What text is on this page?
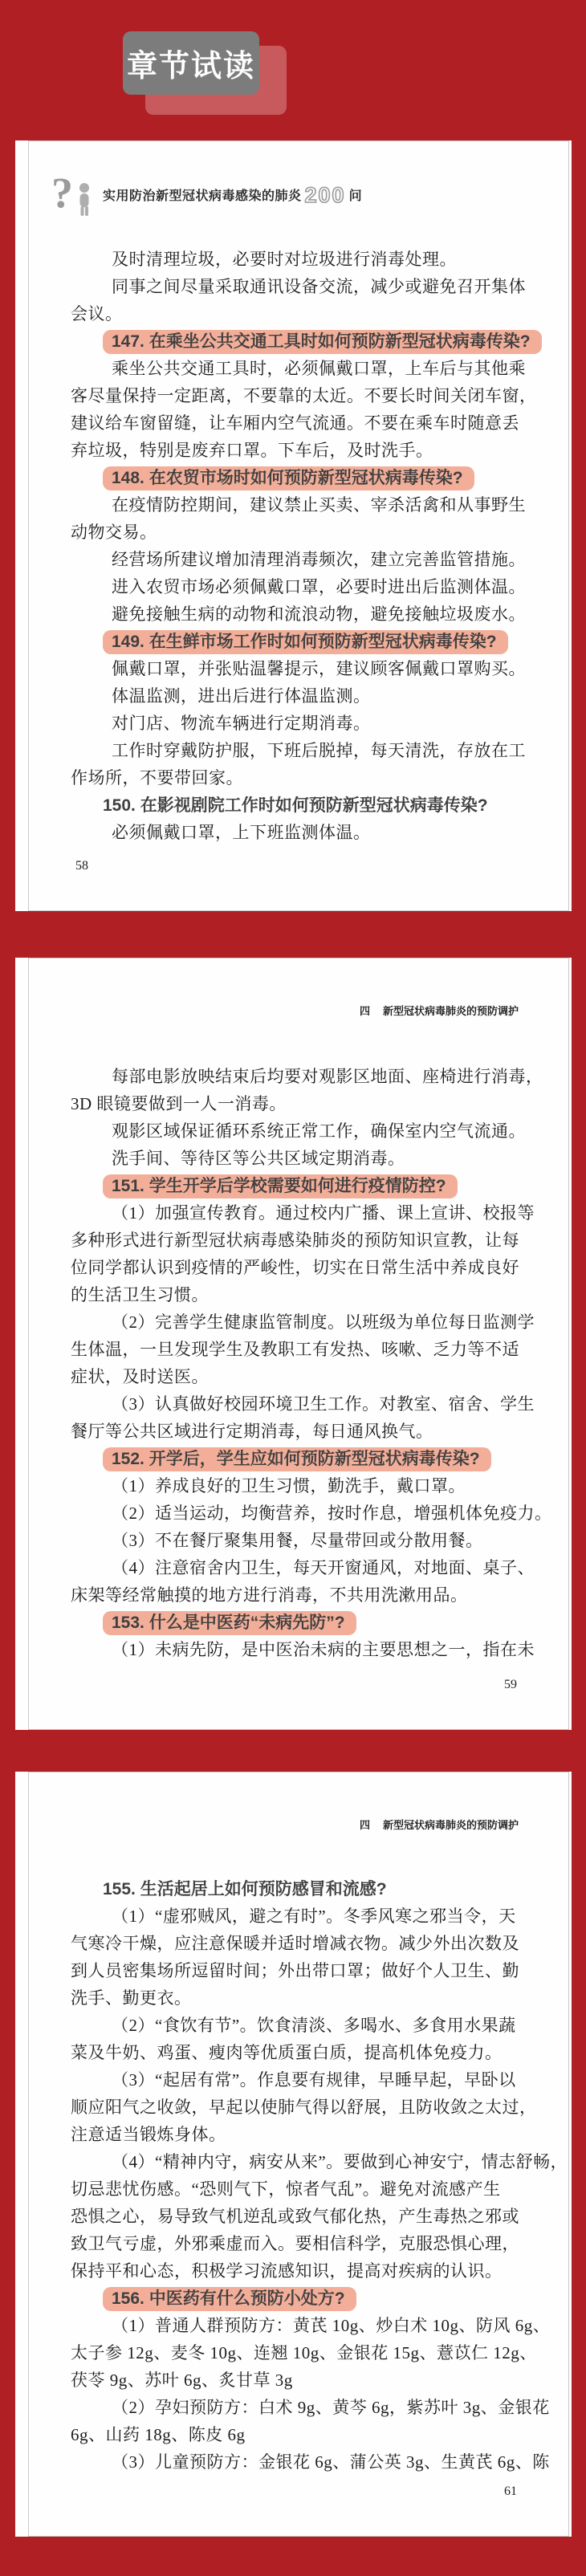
章节试读
? 实用防治新型冠状病毒感染的肺炎 200 问
及时清理垃圾，必要时对垃圾进行消毒处理。
同事之间尽量采取通讯设备交流，减少或避免召开集体
会议。
147. 在乘坐公共交通工具时如何预防新型冠状病毒传染?
乘坐公共交通工具时，必须佩戴口罩，上车后与其他乘
客尽量保持一定距离，不要靠的太近。不要长时间关闭车窗，
建议给车窗留缝，让车厢内空气流通。不要在乘车时随意丢
弃垃圾，特别是废弃口罩。下车后，及时洗手。
148. 在农贸市场时如何预防新型冠状病毒传染?
在疫情防控期间，建议禁止买卖、宰杀活禽和从事野生
动物交易。
经营场所建议增加清理消毒频次，建立完善监管措施。
进入农贸市场必须佩戴口罩，必要时进出后监测体温。
避免接触生病的动物和流浪动物，避免接触垃圾废水。
149. 在生鲜市场工作时如何预防新型冠状病毒传染?
佩戴口罩，并张贴温馨提示，建议顾客佩戴口罩购买。
体温监测，进出后进行体温监测。
对门店、物流车辆进行定期消毒。
工作时穿戴防护服，下班后脱掉，每天清洗，存放在工
作场所，不要带回家。
150. 在影视剧院工作时如何预防新型冠状病毒传染?
必须佩戴口罩，上下班监测体温。
58
四 新型冠状病毒肺炎的预防调护
每部电影放映结束后均要对观影区地面、座椅进行消毒，
3D 眼镜要做到一人一消毒。
观影区域保证循环系统正常工作，确保室内空气流通。
洗手间、等待区等公共区域定期消毒。
151. 学生开学后学校需要如何进行疫情防控?
（1）加强宣传教育。通过校内广播、课上宣讲、校报等
多种形式进行新型冠状病毒感染肺炎的预防知识宣教，让每
位同学都认识到疫情的严峻性，切实在日常生活中养成良好
的生活卫生习惯。
（2）完善学生健康监管制度。以班级为单位每日监测学
生体温，一旦发现学生及教职工有发热、咳嗽、乏力等不适
症状，及时送医。
（3）认真做好校园环境卫生工作。对教室、宿舍、学生
餐厅等公共区域进行定期消毒，每日通风换气。
152. 开学后，学生应如何预防新型冠状病毒传染?
（1）养成良好的卫生习惯，勤洗手，戴口罩。
（2）适当运动，均衡营养，按时作息，增强机体免疫力。
（3）不在餐厅聚集用餐，尽量带回或分散用餐。
（4）注意宿舍内卫生，每天开窗通风，对地面、桌子、
床架等经常触摸的地方进行消毒，不共用洗漱用品。
153. 什么是中医药“未病先防”?
（1）未病先防，是中医治未病的主要思想之一，指在未
59
四 新型冠状病毒肺炎的预防调护
155. 生活起居上如何预防感冒和流感?
（1）“虚邪贼风，避之有时”。冬季风寒之邪当令，天
气寒冷干燥，应注意保暖并适时增减衣物。减少外出次数及
到人员密集场所逗留时间；外出带口罩；做好个人卫生、勤
洗手、勤更衣。
（2）“食饮有节”。饮食清淡、多喝水、多食用水果蔬
菜及牛奶、鸡蛋、瘦肉等优质蛋白质，提高机体免疫力。
（3）“起居有常”。作息要有规律，早睡早起，早卧以
顺应阳气之收敛，早起以使肺气得以舒展，且防收敛之太过，
注意适当锻炼身体。
（4）“精神内守，病安从来”。要做到心神安宁，情志舒畅，
切忌悲忧伤感。“恐则气下，惊者气乱”。避免对流感产生
恐惧之心，易导致气机逆乱或致气郁化热，产生毒热之邪或
致卫气亏虚，外邪乘虚而入。要相信科学，克服恐惧心理，
保持平和心态，积极学习流感知识，提高对疾病的认识。
156. 中医药有什么预防小处方?
（1）普通人群预防方：黄芪 10g、炒白术 10g、防风 6g、
太子参 12g、麦冬 10g、连翘 10g、金银花 15g、薏苡仁 12g、
茯苓 9g、苏叶 6g、炙甘草 3g
（2）孕妇预防方：白术 9g、黄芩 6g，紫苏叶 3g、金银花
6g、山药 18g、陈皮 6g
（3）儿童预防方：金银花 6g、蒲公英 3g、生黄芪 6g、陈
61
